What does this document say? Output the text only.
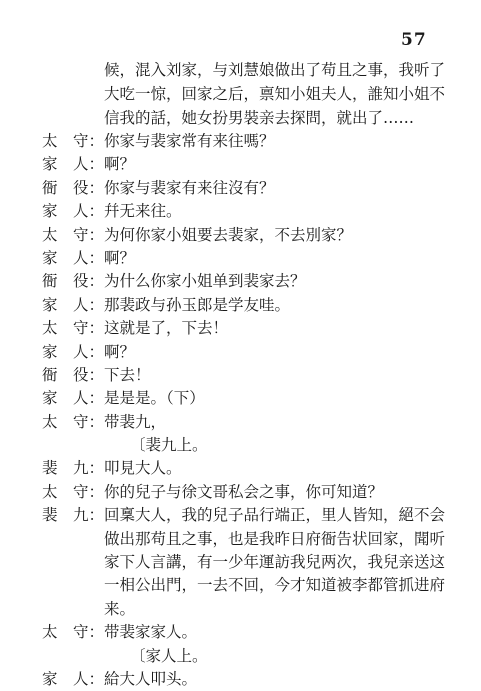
57
候，混入刘家，与刘慧娘做出了苟且之事，我听了
大吃一惊，回家之后，禀知小姐夫人，誰知小姐不
信我的話，她女扮男裝亲去探問，就出了……
太　守： 你家与裴家常有来往嗎？
家　人： 啊？
衙　役： 你家与裴家有来往沒有？
家　人： 幷无来往。
太　守： 为何你家小姐要去裴家，不去別家？
家　人： 啊？
衙　役： 为什么你家小姐单到裴家去？
家　人： 那裴政与孙玉郎是学友哇。
太　守： 这就是了，下去！
家　人： 啊？
衙　役： 下去！
家　人： 是是是。（下）
太　守： 带裴九，
〔裴九上。
裴　九： 叩見大人。
太　守： 你的兒子与徐文哥私会之事，你可知道？
裴　九： 回稟大人，我的兒子品行端正，里人皆知，絕不会
做出那苟且之事，也是我昨日府衙告状回家，聞听
家下人言講，有一少年運訪我兒两次，我兒亲送这
一相公出門，一去不回，今才知道被李都管抓进府
来。
太　守： 带裴家家人。
〔家人上。
家　人： 給大人叩头。
